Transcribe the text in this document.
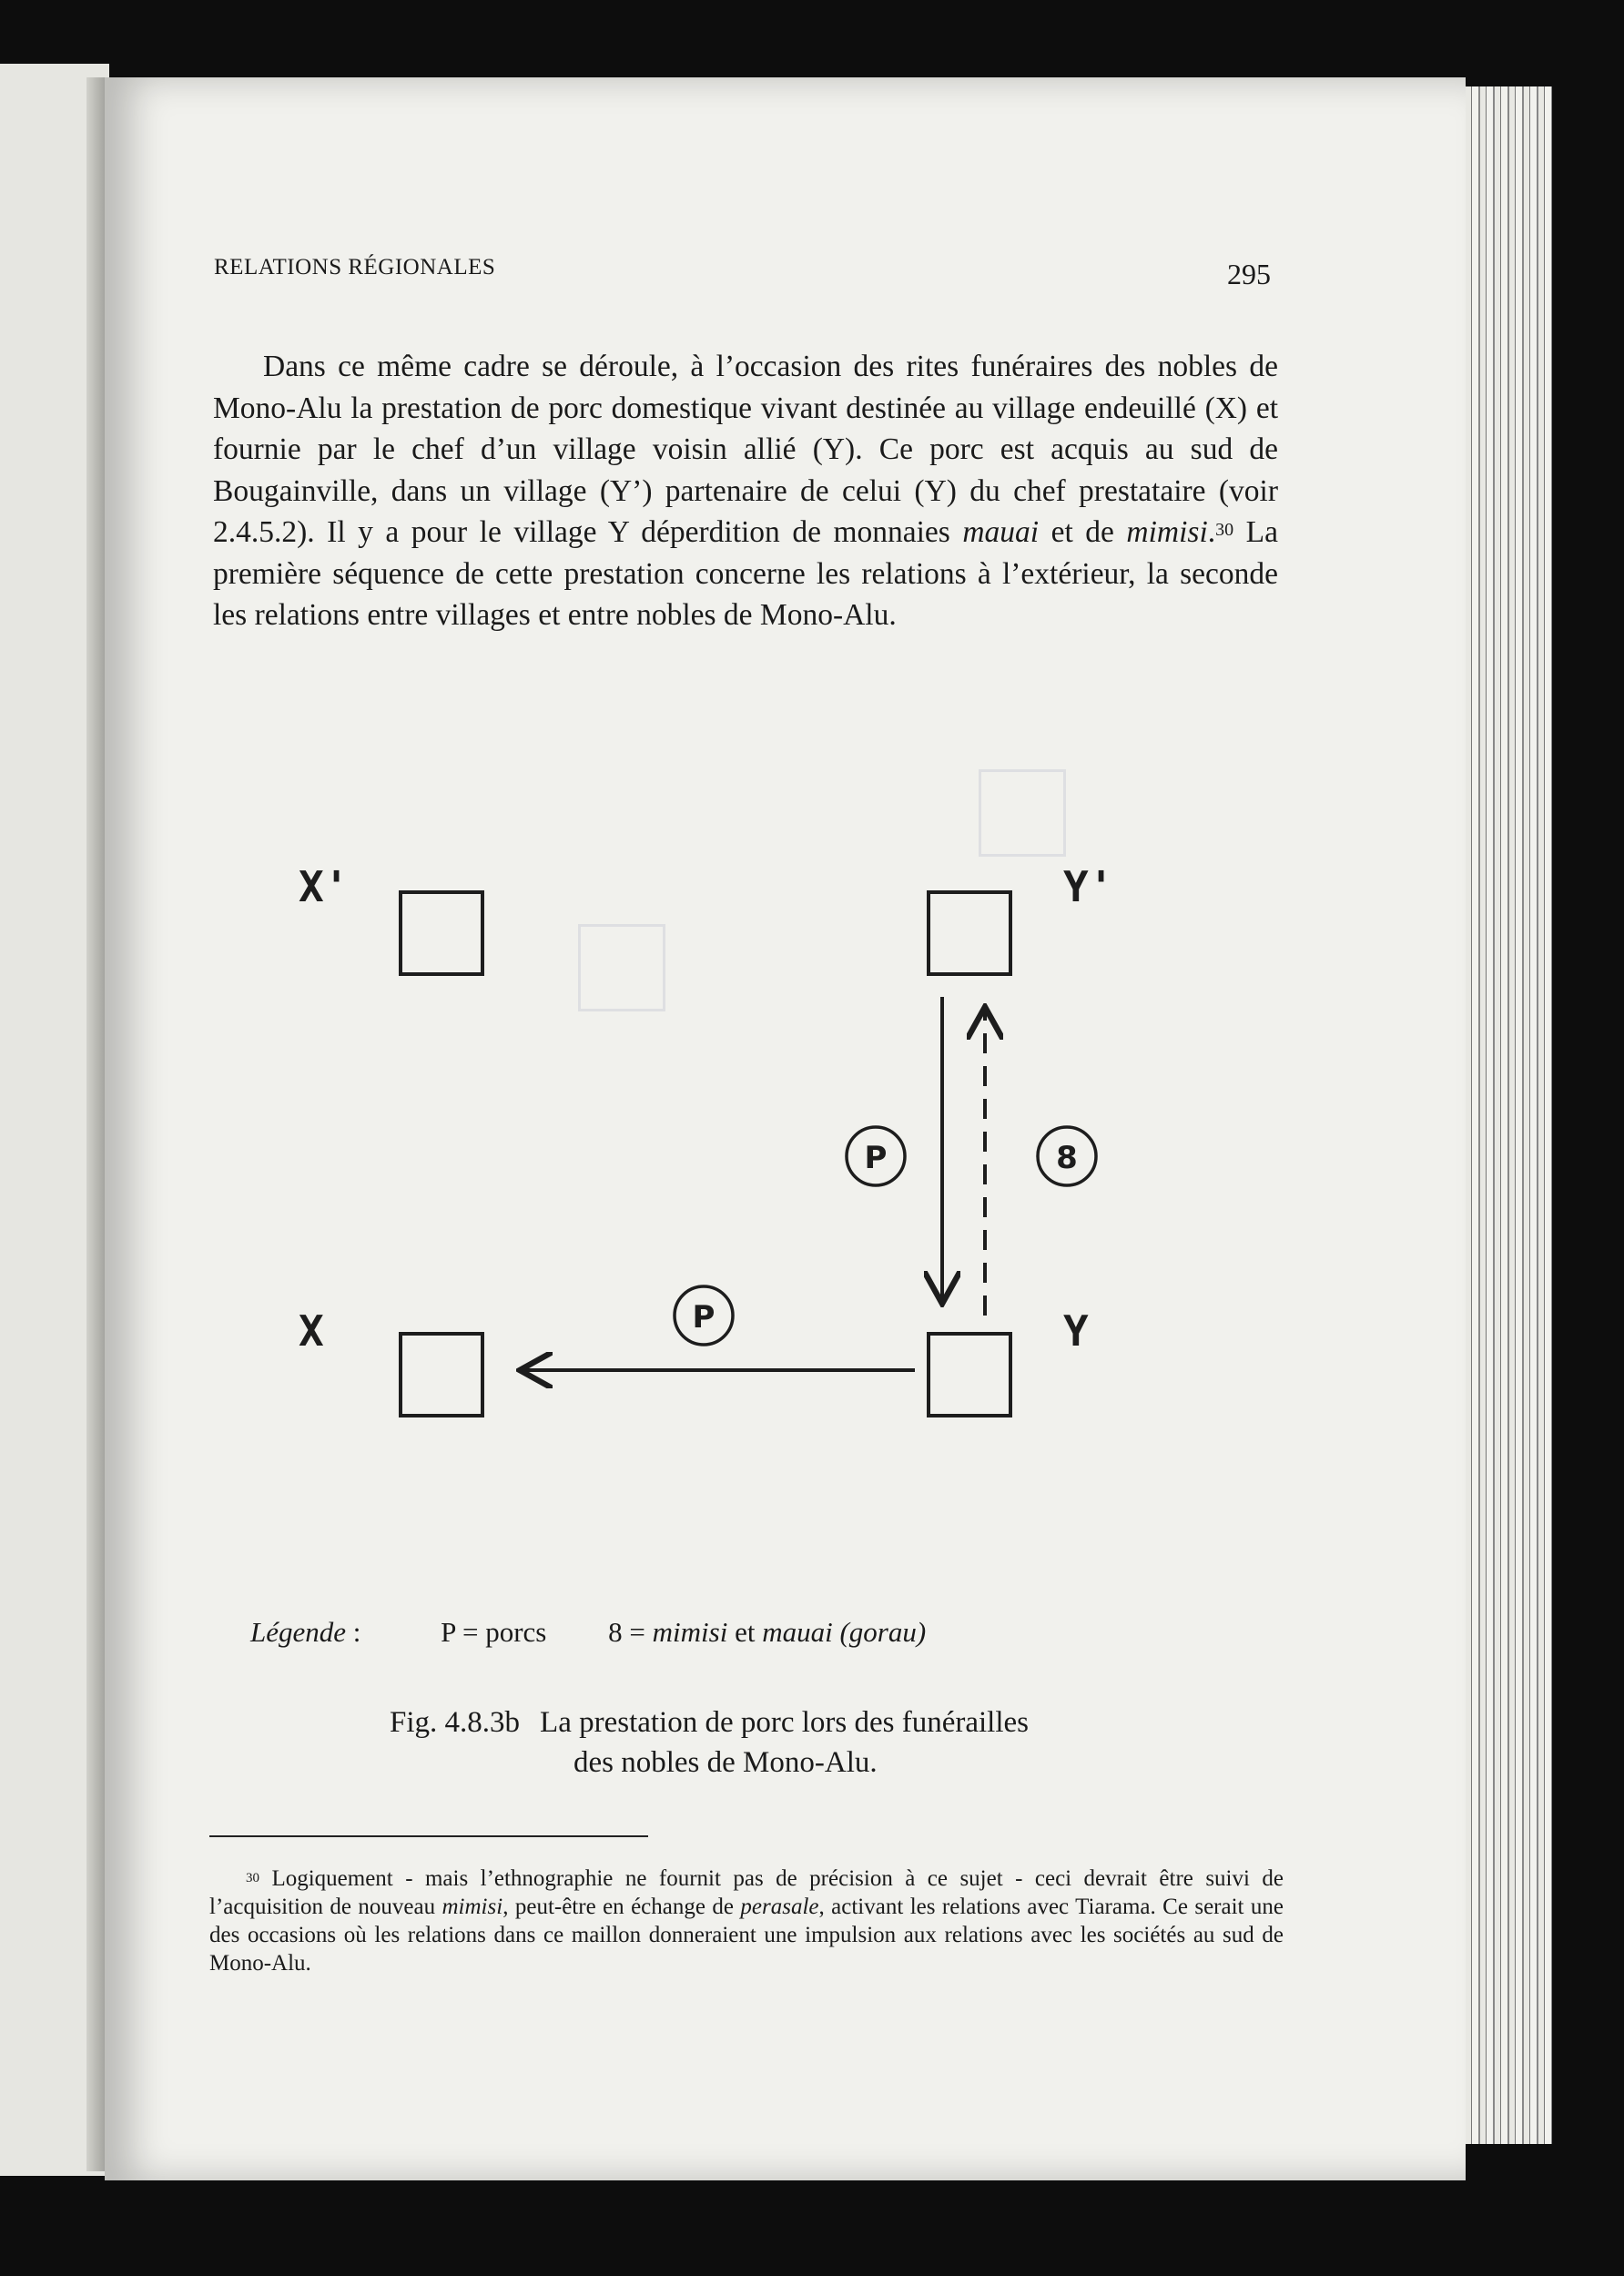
RELATIONS RÉGIONALES	295
Dans ce même cadre se déroule, à l’occasion des rites funéraires des nobles de Mono-Alu la prestation de porc domestique vivant destinée au village endeuillé (X) et fournie par le chef d’un village voisin allié (Y). Ce porc est acquis au sud de Bougainville, dans un village (Y’) partenaire de celui (Y) du chef prestataire (voir 2.4.5.2). Il y a pour le village Y déperdition de monnaies mauai et de mimisi.$^{30}$ La première séquence de cette prestation concerne les relations à l’extérieur, la seconde les relations entre villages et entre nobles de Mono-Alu.
X'	Y'
X	Y
P	8
P
Légende :	P = porcs 8 = mimisi et mauai (gorau)
Fig. 4.8.3b La prestation de porc lors des funérailles
des nobles de Mono-Alu.
$^{30}$ Logiquement - mais l’ethnographie ne fournit pas de précision à ce sujet - ceci devrait être suivi de l’acquisition de nouveau mimisi, peut-être en échange de perasale, activant les relations avec Tiarama. Ce serait une des occasions où les relations dans ce maillon donneraient une impulsion aux relations avec les sociétés au sud de Mono-Alu.
